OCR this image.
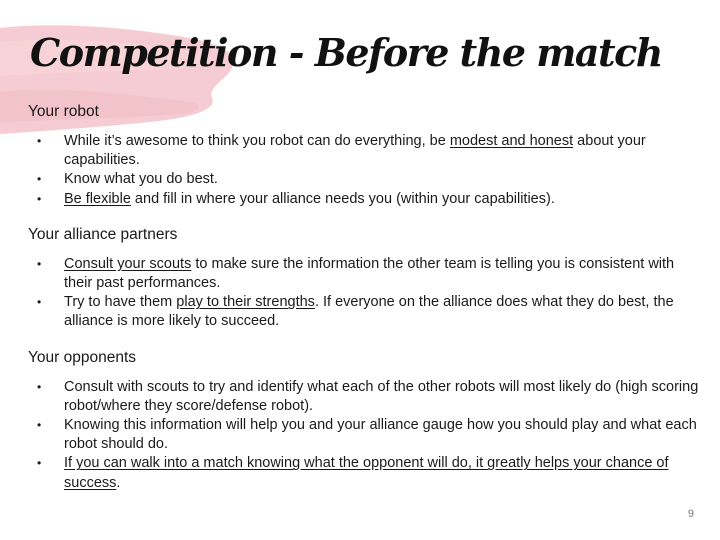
Competition - Before the match

Your robot

• While it’s awesome to think you robot can do everything, be modest and honest about your capabilities.
• Know what you do best.
• Be flexible and fill in where your alliance needs you (within your capabilities).

Your alliance partners

• Consult your scouts to make sure the information the other team is telling you is consistent with their past performances.
• Try to have them play to their strengths. If everyone on the alliance does what they do best, the alliance is more likely to succeed.

Your opponents

• Consult with scouts to try and identify what each of the other robots will most likely do (high scoring robot/where they score/defense robot).
• Knowing this information will help you and your alliance gauge how you should play and what each robot should do.
• If you can walk into a match knowing what the opponent will do, it greatly helps your chance of success.
9
